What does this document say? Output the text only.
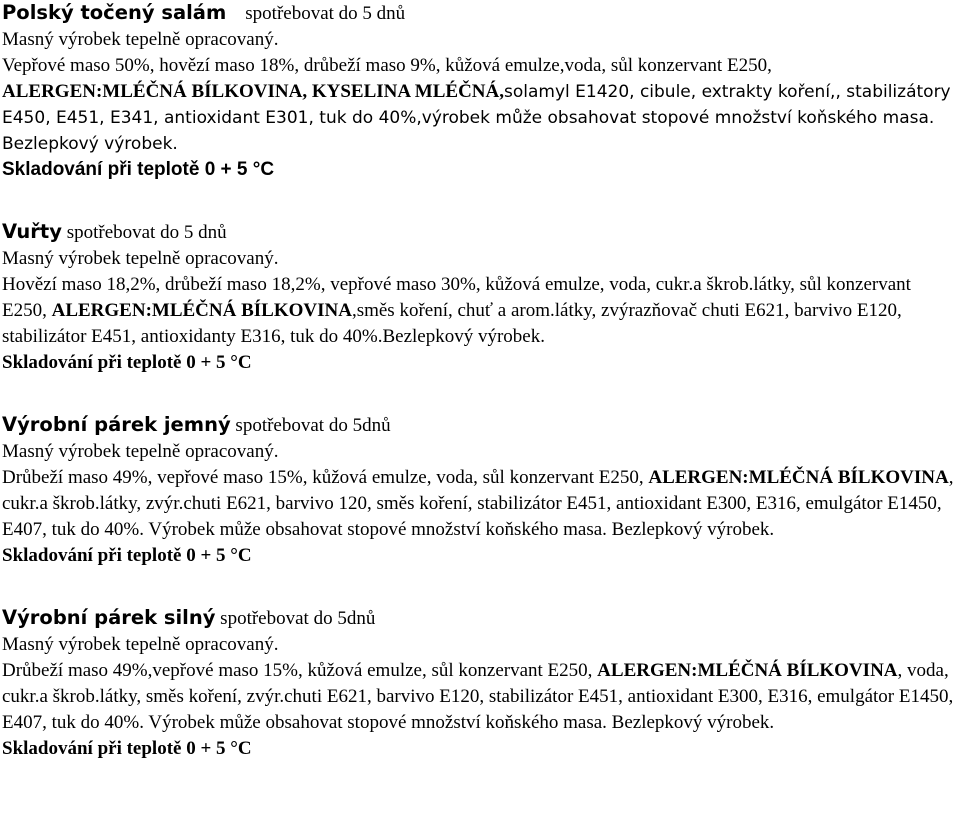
Polský točený salám spotřebovat do 5 dnů
Masný výrobek tepelně opracovaný.
Vepřové maso 50%, hovězí maso 18%, drůbeží maso 9%, kůžová emulze,voda, sůl konzervant E250, ALERGEN:MLÉČNÁ BÍLKOVINA, KYSELINA MLÉČNÁ,solamyl E1420, cibule, extrakty koření,, stabilizátory E450, E451, E341, antioxidant E301, tuk do 40%,výrobek může obsahovat stopové množství koňského masa.
Bezlepkový výrobek.
Skladování při teplotě 0 + 5 °C
Vuřty spotřebovat do 5 dnů
Masný výrobek tepelně opracovaný.
Hovězí maso 18,2%, drůbeží maso 18,2%, vepřové maso 30%, kůžová emulze, voda, cukr.a škrob.látky, sůl konzervant E250, ALERGEN:MLÉČNÁ BÍLKOVINA,směs koření, chuť a arom.látky, zvýrazňovač chuti E621, barvivo E120, stabilizátor E451, antioxidanty E316, tuk do 40%.Bezlepkový výrobek.
Skladování při teplotě 0 + 5 °C
Výrobní párek jemný spotřebovat do 5dnů
Masný výrobek tepelně opracovaný.
Drůbeží maso 49%, vepřové maso 15%, kůžová emulze, voda, sůl konzervant E250, ALERGEN:MLÉČNÁ BÍLKOVINA, cukr.a škrob.látky, zvýr.chuti E621, barvivo 120, směs koření, stabilizátor E451, antioxidant E300, E316, emulgátor E1450, E407, tuk do 40%. Výrobek může obsahovat stopové množství koňského masa. Bezlepkový výrobek.
Skladování při teplotě 0 + 5 °C
Výrobní párek silný spotřebovat do 5dnů
Masný výrobek tepelně opracovaný.
Drůbeží maso 49%,vepřové maso 15%, kůžová emulze, sůl konzervant E250, ALERGEN:MLÉČNÁ BÍLKOVINA, voda, cukr.a škrob.látky, směs koření, zvýr.chuti E621, barvivo E120, stabilizátor E451, antioxidant E300, E316, emulgátor E1450, E407, tuk do 40%. Výrobek může obsahovat stopové množství koňského masa. Bezlepkový výrobek.
Skladování při teplotě 0 + 5 °C
